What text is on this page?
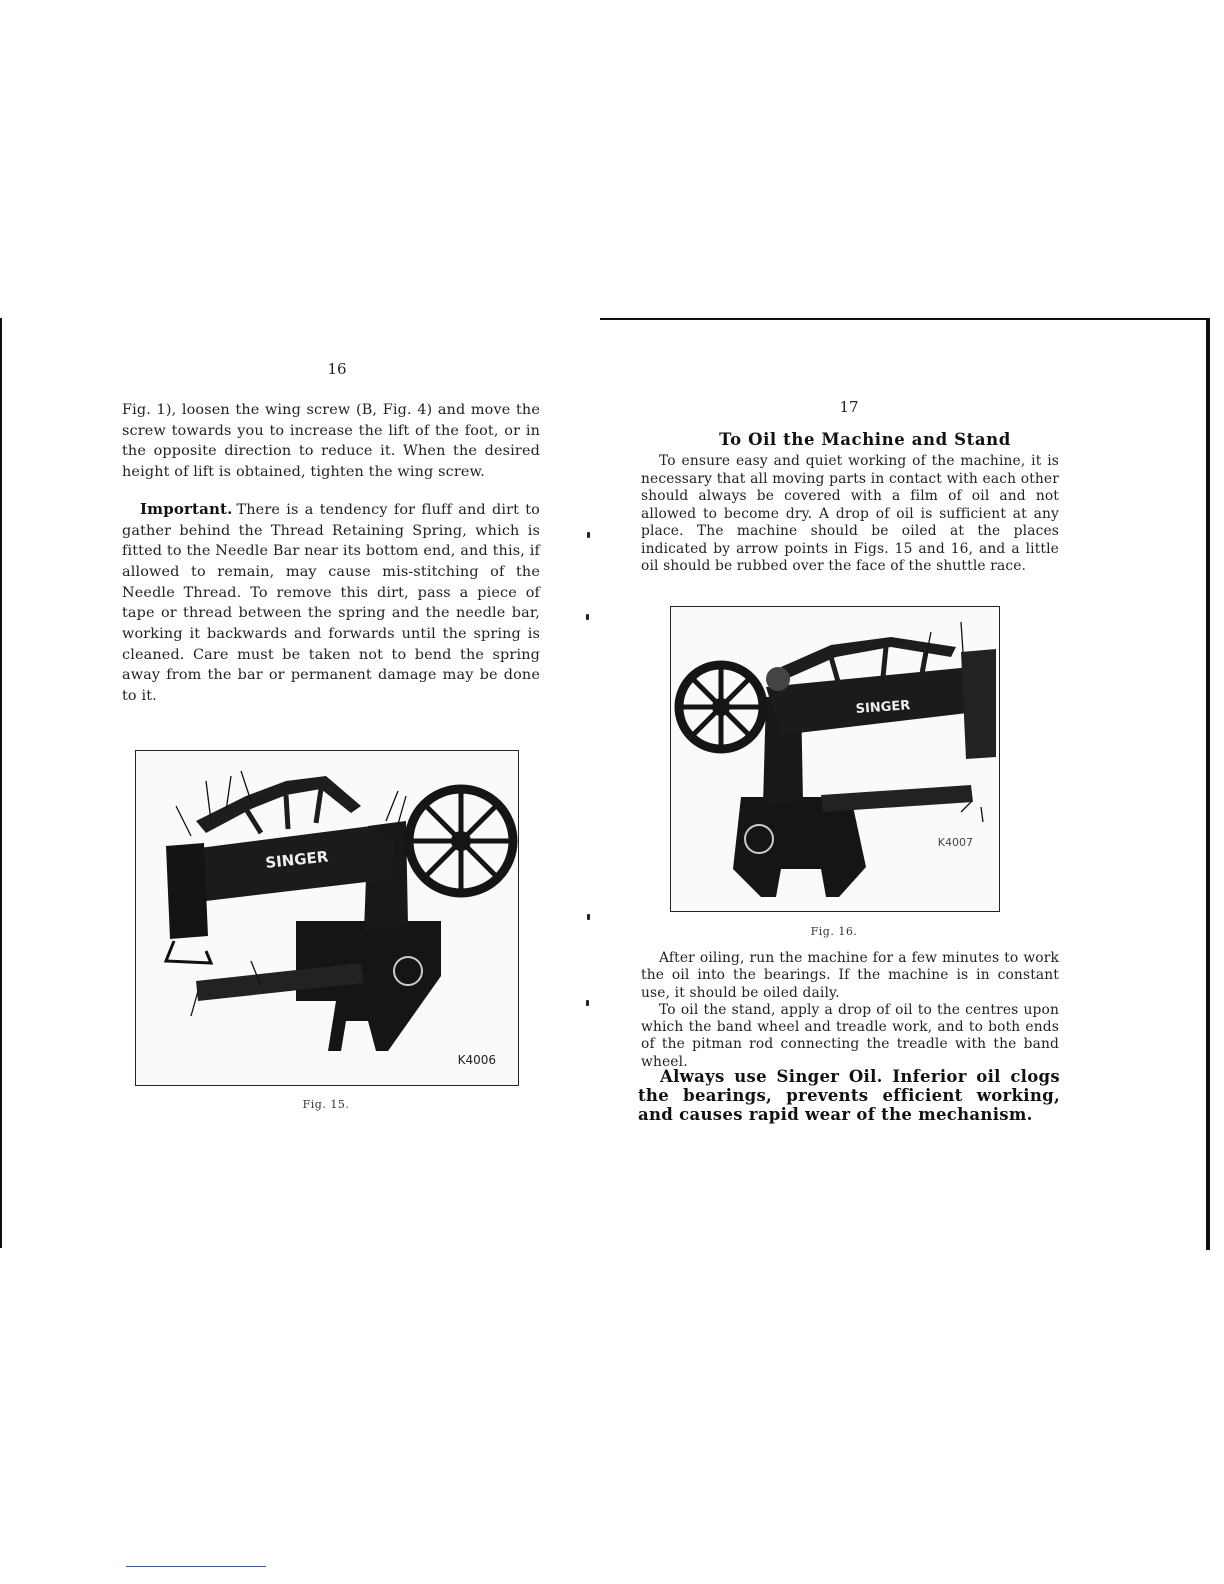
16

Fig. 1), loosen the wing screw (B, Fig. 4) and move the screw towards you to increase the lift of the foot, or in the opposite direction to reduce it. When the desired height of lift is obtained, tighten the wing screw.

Important. There is a tendency for fluff and dirt to gather behind the Thread Retaining Spring, which is fitted to the Needle Bar near its bottom end, and this, if allowed to remain, may cause mis-stitching of the Needle Thread. To remove this dirt, pass a piece of tape or thread between the spring and the needle bar, working it backwards and forwards until the spring is cleaned. Care must be taken not to bend the spring away from the bar or permanent damage may be done to it.

SINGER
K4006
Fig. 15.
17
To Oil the Machine and Stand

To ensure easy and quiet working of the machine, it is necessary that all moving parts in contact with each other should always be covered with a film of oil and not allowed to become dry. A drop of oil is sufficient at any place. The machine should be oiled at the places indicated by arrow points in Figs. 15 and 16, and a little oil should be rubbed over the face of the shuttle race.

SINGER
K4007
Fig. 16.

After oiling, run the machine for a few minutes to work the oil into the bearings. If the machine is in constant use, it should be oiled daily.

To oil the stand, apply a drop of oil to the centres upon which the band wheel and treadle work, and to both ends of the pitman rod connecting the treadle with the band wheel.

Always use Singer Oil. Inferior oil clogs the bearings, prevents efficient working, and causes rapid wear of the mechanism.
